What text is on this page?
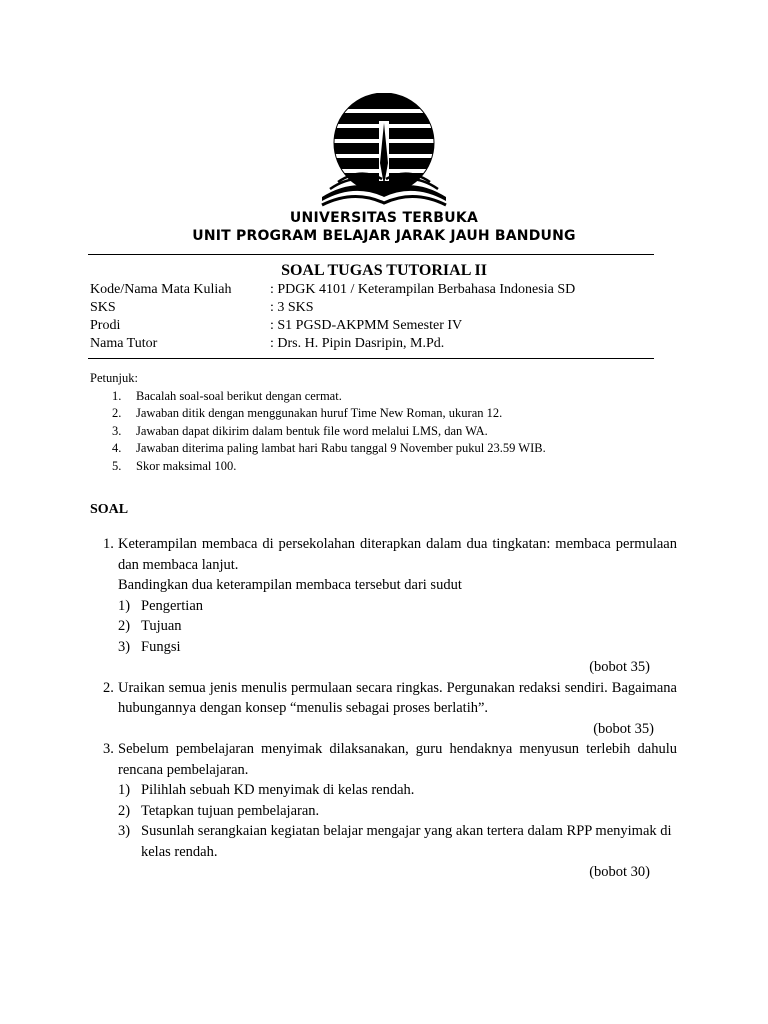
UNIVERSITAS TERBUKA
UNIT PROGRAM BELAJAR JARAK JAUH BANDUNG
SOAL TUGAS TUTORIAL II
Kode/Nama Mata Kuliah	: PDGK 4101 / Keterampilan Berbahasa Indonesia SD
SKS	: 3 SKS
Prodi	: S1 PGSD-AKPMM Semester IV
Nama Tutor	: Drs. H. Pipin Dasripin, M.Pd.
Petunjuk:
1. Bacalah soal-soal berikut dengan cermat.
2. Jawaban ditik dengan menggunakan huruf Time New Roman, ukuran 12.
3. Jawaban dapat dikirim dalam bentuk file word melalui LMS, dan WA.
4. Jawaban diterima paling lambat hari Rabu tanggal 9 November pukul 23.59 WIB.
5. Skor maksimal 100.
SOAL
1. Keterampilan membaca di persekolahan diterapkan dalam dua tingkatan: membaca permulaan dan membaca lanjut.
Bandingkan dua keterampilan membaca tersebut dari sudut
1) Pengertian
2) Tujuan
3) Fungsi
(bobot 35)
2. Uraikan semua jenis menulis permulaan secara ringkas. Pergunakan redaksi sendiri. Bagaimana hubungannya dengan konsep “menulis sebagai proses berlatih”.
(bobot 35)
3. Sebelum pembelajaran menyimak dilaksanakan, guru hendaknya menyusun terlebih dahulu rencana pembelajaran.
1) Pilihlah sebuah KD menyimak di kelas rendah.
2) Tetapkan tujuan pembelajaran.
3) Susunlah serangkaian kegiatan belajar mengajar yang akan tertera dalam RPP menyimak di kelas rendah.
(bobot 30)
